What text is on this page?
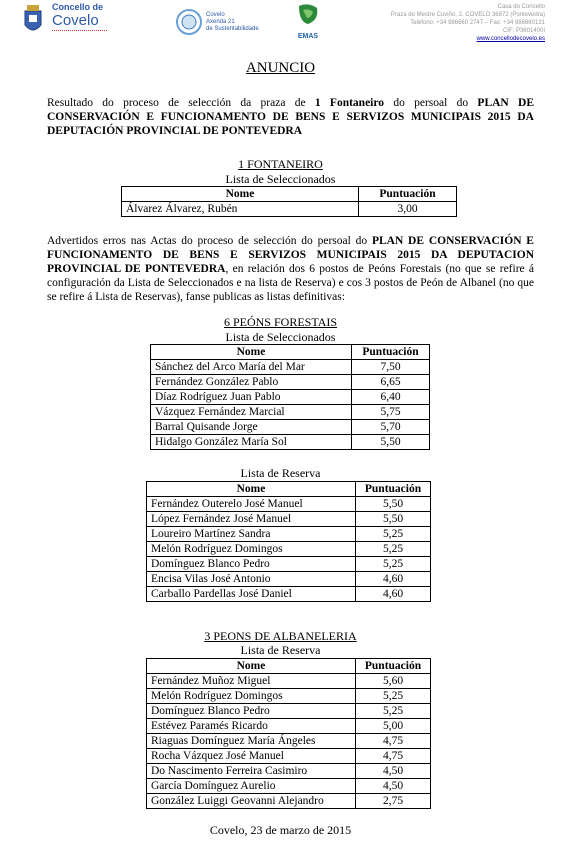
Concello de
Covelo	Covelo
Axenda 21
de Sustentabilidade
EMAS
Casa do Concello
Praza do Mestre Cuviño, 2. COVELO 36872 (Pontevedra)
Teléfono: +34 986660 2747 – Fax: +34 986660131
CIF: P3601400I
www.concellodecovelo.es
ANUNCIO
Resultado do proceso de selección da praza de 1 Fontaneiro do persoal do PLAN DE CONSERVACIÓN E FUNCIONAMENTO DE BENS E SERVIZOS MUNICIPAIS 2015 DA DEPUTACIÓN PROVINCIAL DE PONTEVEDRA
1 FONTANEIRO
Lista de Seleccionados
Nome	Puntuación
Álvarez Álvarez, Rubén	3,00
Advertidos erros nas Actas do proceso de selección do persoal do PLAN DE CONSERVACIÓN E FUNCIONAMENTO DE BENS E SERVIZOS MUNICIPAIS 2015 DA DEPUTACION PROVINCIAL DE PONTEVEDRA, en relación dos 6 postos de Peóns Forestais (no que se refire á configuración da Lista de Seleccionados e na lista de Reserva) e cos 3 postos de Peón de Albanel (no que se refire á Lista de Reservas), fanse publicas as listas definitivas:
6 PEÓNS FORESTAIS
Lista de Seleccionados
Nome	Puntuación
Sánchez del Arco María del Mar	7,50
Fernández González Pablo	6,65
Díaz Rodríguez Juan Pablo	6,40
Vázquez Fernández Marcial	5,75
Barral Quisande Jorge	5,70
Hidalgo González María Sol	5,50
Lista de Reserva
Nome	Puntuación
Fernández Outerelo José Manuel	5,50
López Fernández José Manuel	5,50
Loureiro Martínez Sandra	5,25
Melón Rodríguez Domingos	5,25
Domínguez Blanco Pedro	5,25
Encisa Vilas José Antonio	4,60
Carballo Pardellas José Daniel	4,60
3 PEONS DE ALBANELERIA
Lista de Reserva
Nome	Puntuación
Fernández Muñoz Miguel	5,60
Melón Rodríguez Domingos	5,25
Domínguez Blanco Pedro	5,25
Estévez Paramés Ricardo	5,00
Riaguas Domínguez María Ángeles	4,75
Rocha Vázquez José Manuel	4,75
Do Nascimento Ferreira Casimiro	4,50
García Domínguez Aurelio	4,50
González Luiggi Geovanni Alejandro	2,75
Covelo, 23 de marzo de 2015
